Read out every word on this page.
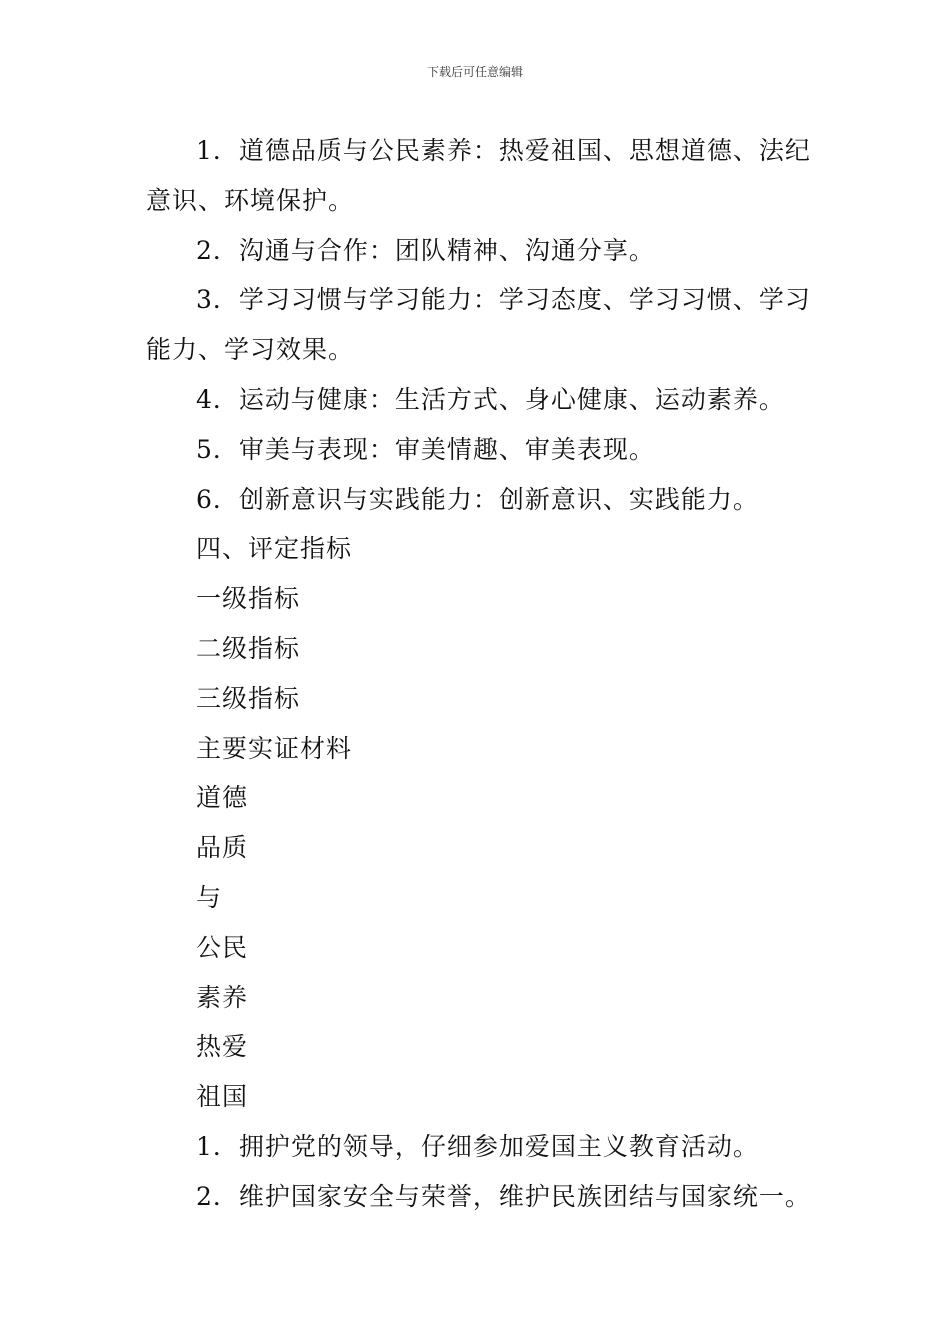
下载后可任意编辑

1．道德品质与公民素养：热爱祖国、思想道德、法纪意识、环境保护。

2．沟通与合作：团队精神、沟通分享。

3．学习习惯与学习能力：学习态度、学习习惯、学习能力、学习效果。

4．运动与健康：生活方式、身心健康、运动素养。

5．审美与表现：审美情趣、审美表现。

6．创新意识与实践能力：创新意识、实践能力。

四、评定指标

一级指标

二级指标

三级指标

主要实证材料

道德

品质

与

公民

素养

热爱

祖国

1．拥护党的领导，仔细参加爱国主义教育活动。

2．维护国家安全与荣誉，维护民族团结与国家统一。
